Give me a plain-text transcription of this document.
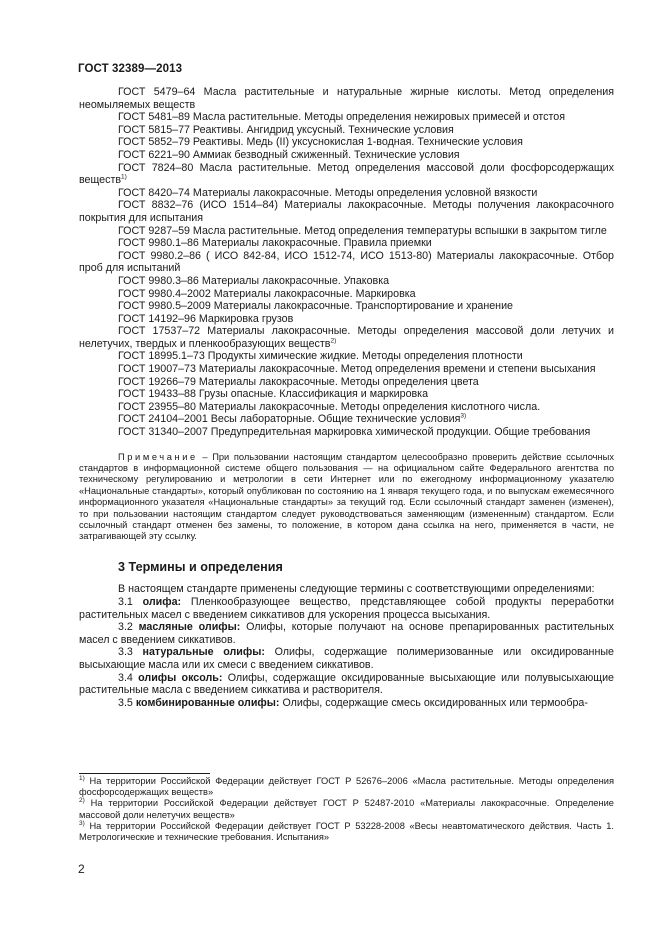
ГОСТ 32389—2013

ГОСТ 5479–64 Масла растительные и натуральные жирные кислоты. Метод определения неомыляемых веществ

ГОСТ 5481–89 Масла растительные. Методы определения нежировых примесей и отстоя

ГОСТ 5815–77 Реактивы. Ангидрид уксусный. Технические условия

ГОСТ 5852–79 Реактивы. Медь (II) уксуснокислая 1-водная. Технические условия

ГОСТ 6221–90 Аммиак безводный сжиженный. Технические условия

ГОСТ 7824–80 Масла растительные. Метод определения массовой доли фосфорсодержащих веществ$^{1)}$

ГОСТ 8420–74 Материалы лакокрасочные. Методы определения условной вязкости

ГОСТ 8832–76 (ИСО 1514–84) Материалы лакокрасочные. Методы получения лакокрасочного покрытия для испытания

ГОСТ 9287–59 Масла растительные. Метод определения температуры вспышки в закрытом тигле

ГОСТ 9980.1–86 Материалы лакокрасочные. Правила приемки

ГОСТ 9980.2–86 ( ИСО 842-84, ИСО 1512-74, ИСО 1513-80) Материалы лакокрасочные. Отбор проб для испытаний

ГОСТ 9980.3–86 Материалы лакокрасочные. Упаковка

ГОСТ 9980.4–2002 Материалы лакокрасочные. Маркировка

ГОСТ 9980.5–2009 Материалы лакокрасочные. Транспортирование и хранение

ГОСТ 14192–96 Маркировка грузов

ГОСТ 17537–72 Материалы лакокрасочные. Методы определения массовой доли летучих и нелетучих, твердых и пленкообразующих веществ$^{2)}$

ГОСТ 18995.1–73 Продукты химические жидкие. Методы определения плотности

ГОСТ 19007–73 Материалы лакокрасочные. Метод определения времени и степени высыхания

ГОСТ 19266–79 Материалы лакокрасочные. Методы определения цвета

ГОСТ 19433–88 Грузы опасные. Классификация и маркировка

ГОСТ 23955–80 Материалы лакокрасочные. Методы определения кислотного числа.

ГОСТ 24104–2001 Весы лабораторные. Общие технические условия$^{3)}$

ГОСТ 31340–2007 Предупредительная маркировка химической продукции. Общие требования

Примечание – При пользовании настоящим стандартом целесообразно проверить действие ссылочных стандартов в информационной системе общего пользования — на официальном сайте Федерального агентства по техническому регулированию и метрологии в сети Интернет или по ежегодному информационному указателю «Национальные стандарты», который опубликован по состоянию на 1 января текущего года, и по выпускам ежемесячного информационного указателя «Национальные стандарты» за текущий год. Если ссылочный стандарт заменен (изменен), то при пользовании настоящим стандартом следует руководствоваться заменяющим (измененным) стандартом. Если ссылочный стандарт отменен без замены, то положение, в котором дана ссылка на него, применяется в части, не затрагивающей эту ссылку.

3 Термины и определения

В настоящем стандарте применены следующие термины с соответствующими определениями:

3.1 олифа: Пленкообразующее вещество, представляющее собой продукты переработки растительных масел с введением сиккативов для ускорения процесса высыхания.

3.2 масляные олифы: Олифы, которые получают на основе препарированных растительных масел с введением сиккативов.

3.3 натуральные олифы: Олифы, содержащие полимеризованные или оксидированные высыхающие масла или их смеси с введением сиккативов.

3.4 олифы оксоль: Олифы, содержащие оксидированные высыхающие или полувысыхающие растительные масла с введением сиккатива и растворителя.

3.5 комбинированные олифы: Олифы, содержащие смесь оксидированных или термообра-

$^{1)}$ На территории Российской Федерации действует ГОСТ Р 52676–2006 «Масла растительные. Методы определения фосфорсодержащих веществ»

$^{2)}$ На территории Российской Федерации действует ГОСТ Р 52487-2010 «Материалы лакокрасочные. Определение массовой доли нелетучих веществ»

$^{3)}$ На территории Российской Федерации действует ГОСТ Р 53228-2008 «Весы неавтоматического действия. Часть 1. Метрологические и технические требования. Испытания»

2
